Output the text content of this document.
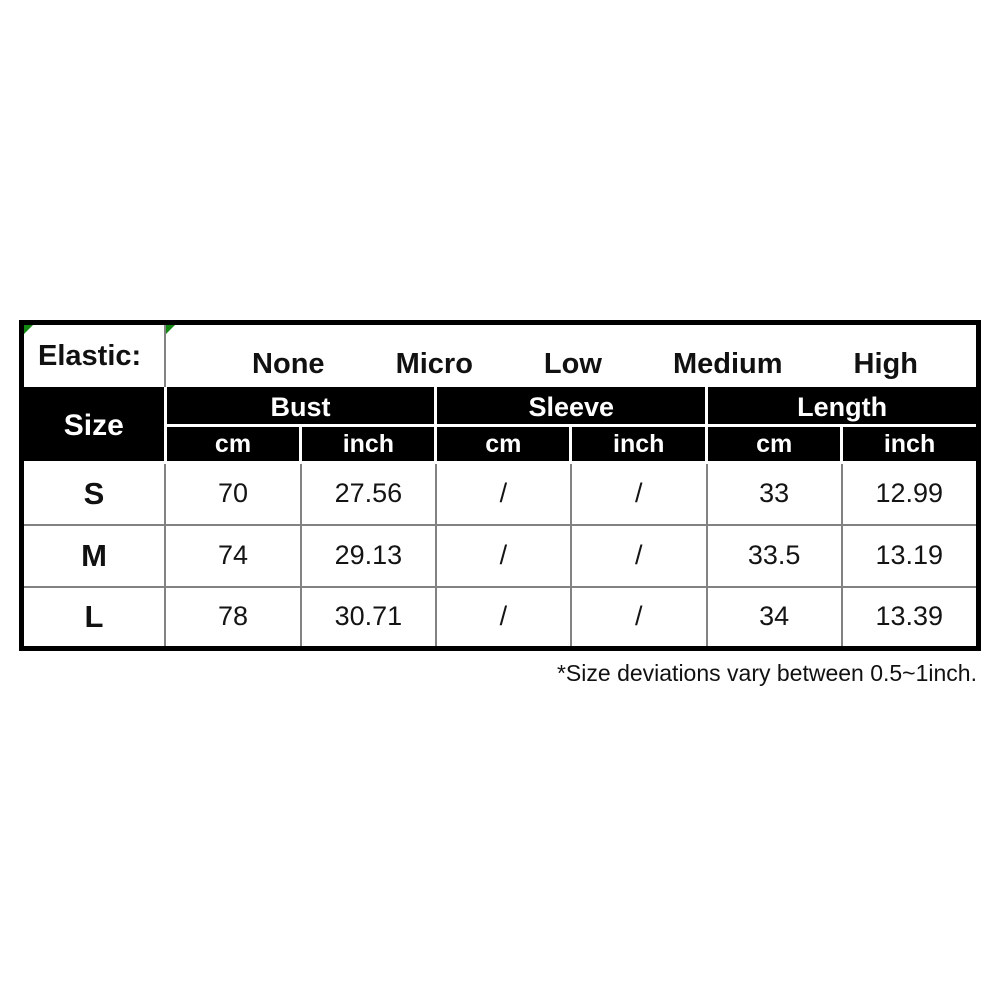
Elastic:	None Micro Low Medium High					

Size	Bust		Sleeve		Length	
	cm	inch	cm	inch	cm	inch
S	70	27.56	/	/	33	12.99
M	74	29.13	/	/	33.5	13.19
L	78	30.71	/	/	34	13.39
*Size deviations vary between 0.5~1inch.
